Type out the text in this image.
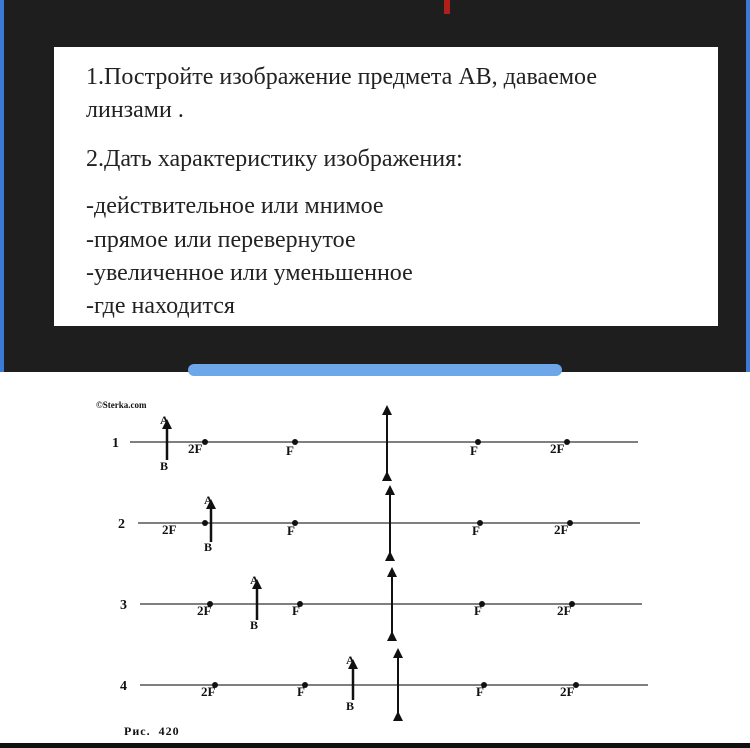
1.Постройте изображение предмета АВ, даваемое
линзами .
2.Дать характеристику изображения:
-действительное или мнимое
-прямое или перевернутое
-увеличенное или уменьшенное
-где находится
©Sterka.com
1
A
B
2F	F	F	2F
2
A
B
2F	F	F	2F
3
A
B
2F	F	F	2F
4
A
B
2F	F	F	2F
Рис.  420
